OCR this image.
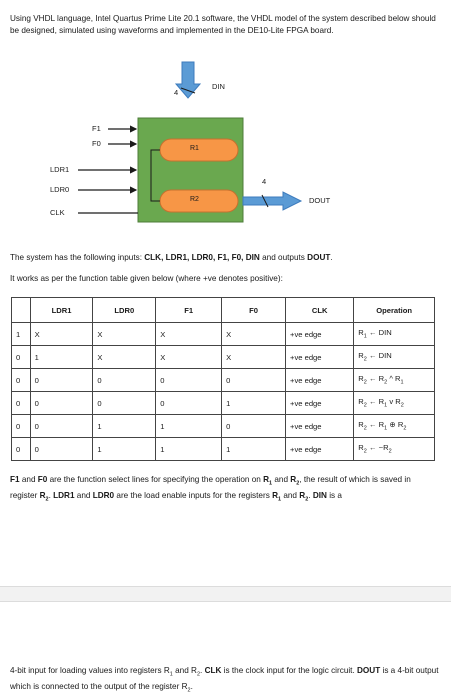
Using VHDL language, Intel Quartus Prime Lite 20.1 software, the VHDL model of the system described below should be designed, simulated using waveforms and implemented in the DE10-Lite FPGA board.

DIN
4
F1
F0
R1
R2
LDR1
LDR0
CLK
4
DOUT

The system has the following inputs: CLK, LDR1, LDR0, F1, F0, DIN and outputs DOUT.

It works as per the function table given below (where +ve denotes positive):

	LDR1	LDR0	F1	F0	CLK	Operation
1	X	X	X	X	+ve edge	$R_1$ ← DIN
0	1	X	X	X	+ve edge	$R_2$ ← DIN
0	0	0	0	0	+ve edge	$R_2$ ← $R_2$ ^ $R_1$
0	0	0	0	1	+ve edge	$R_2$ ← $R_1$ v $R_2$
0	0	1	1	0	+ve edge	$R_2$ ← $R_1$ ⊕ $R_2$
0	0	1	1	1	+ve edge	$R_2$ ← $\sim R_2$

F1 and F0 are the function select lines for specifying the operation on $R_1$ and $R_2$, the result of which is saved in register $R_2$. LDR1 and LDR0 are the load enable inputs for the registers $R_1$ and $R_2$. DIN is a

4-bit input for loading values into registers $R_1$ and $R_2$. CLK is the clock input for the logic circuit. DOUT is a 4-bit output which is connected to the output of the register $R_2$.
